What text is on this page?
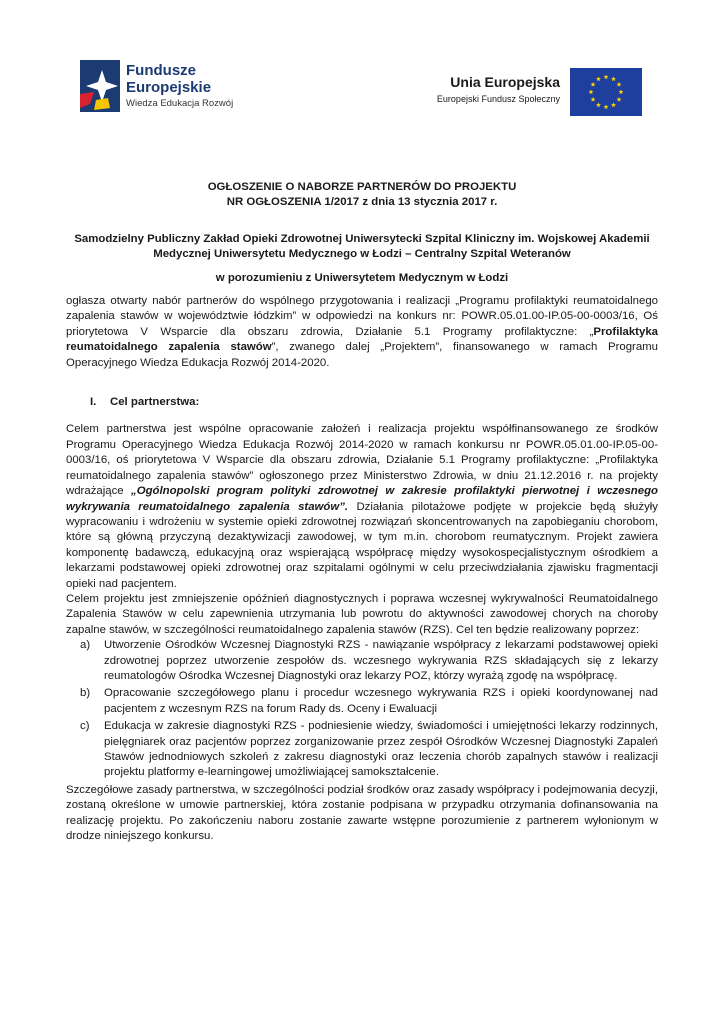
Fundusze
Europejskie
Wiedza Edukacja Rozwój
Unia Europejska
Europejski Fundusz Społeczny
OGŁOSZENIE O NABORZE PARTNERÓW DO PROJEKTU
NR OGŁOSZENIA 1/2017 z dnia 13 stycznia 2017 r.
Samodzielny Publiczny Zakład Opieki Zdrowotnej Uniwersytecki Szpital Kliniczny im. Wojskowej Akademii Medycznej Uniwersytetu Medycznego w Łodzi – Centralny Szpital Weteranów
w porozumieniu z Uniwersytetem Medycznym w Łodzi

ogłasza otwarty nabór partnerów do wspólnego przygotowania i realizacji „Programu profilaktyki reumatoidalnego zapalenia stawów w województwie łódzkim” w odpowiedzi na konkurs nr: POWR.05.01.00-IP.05-00-0003/16, Oś priorytetowa V Wsparcie dla obszaru zdrowia, Działanie 5.1 Programy profilaktyczne: „Profilaktyka reumatoidalnego zapalenia stawów”, zwanego dalej „Projektem”, finansowanego w ramach Programu Operacyjnego Wiedza Edukacja Rozwój 2014-2020.

I. Cel partnerstwa:

Celem partnerstwa jest wspólne opracowanie założeń i realizacja projektu współfinansowanego ze środków Programu Operacyjnego Wiedza Edukacja Rozwój 2014-2020 w ramach konkursu nr POWR.05.01.00-IP.05-00-0003/16, oś priorytetowa V Wsparcie dla obszaru zdrowia, Działanie 5.1 Programy profilaktyczne: „Profilaktyka reumatoidalnego zapalenia stawów” ogłoszonego przez Ministerstwo Zdrowia, w dniu 21.12.2016 r. na projekty wdrażające „Ogólnopolski program polityki zdrowotnej w zakresie profilaktyki pierwotnej i wczesnego wykrywania reumatoidalnego zapalenia stawów”. Działania pilotażowe podjęte w projekcie będą służyły wypracowaniu i wdrożeniu w systemie opieki zdrowotnej rozwiązań skoncentrowanych na zapobieganiu chorobom, które są główną przyczyną dezaktywizacji zawodowej, w tym m.in. chorobom reumatycznym. Projekt zawiera komponentę badawczą, edukacyjną oraz wspierającą współpracę między wysokospecjalistycznym ośrodkiem a lekarzami podstawowej opieki zdrowotnej oraz szpitalami ogólnymi w celu przeciwdziałania zjawisku fragmentacji opieki nad pacjentem.

Celem projektu jest zmniejszenie opóźnień diagnostycznych i poprawa wczesnej wykrywalności Reumatoidalnego Zapalenia Stawów w celu zapewnienia utrzymania lub powrotu do aktywności zawodowej chorych na choroby zapalne stawów, w szczególności reumatoidalnego zapalenia stawów (RZS). Cel ten będzie realizowany poprzez:

a) Utworzenie Ośrodków Wczesnej Diagnostyki RZS - nawiązanie współpracy z lekarzami podstawowej opieki zdrowotnej poprzez utworzenie zespołów ds. wczesnego wykrywania RZS składających się z lekarzy reumatologów Ośrodka Wczesnej Diagnostyki oraz lekarzy POZ, którzy wyrażą zgodę na współpracę.
b) Opracowanie szczegółowego planu i procedur wczesnego wykrywania RZS i opieki koordynowanej nad pacjentem z wczesnym RZS na forum Rady ds. Oceny i Ewaluacji
c) Edukacja w zakresie diagnostyki RZS - podniesienie wiedzy, świadomości i umiejętności lekarzy rodzinnych, pielęgniarek oraz pacjentów poprzez zorganizowanie przez zespół Ośrodków Wczesnej Diagnostyki Zapaleń Stawów jednodniowych szkoleń z zakresu diagnostyki oraz leczenia chorób zapalnych stawów i realizacji projektu platformy e-learningowej umożliwiającej samokształcenie.

Szczegółowe zasady partnerstwa, w szczególności podział środków oraz zasady współpracy i podejmowania decyzji, zostaną określone w umowie partnerskiej, która zostanie podpisana w przypadku otrzymania dofinansowania na realizację projektu. Po zakończeniu naboru zostanie zawarte wstępne porozumienie z partnerem wyłonionym w drodze niniejszego konkursu.
